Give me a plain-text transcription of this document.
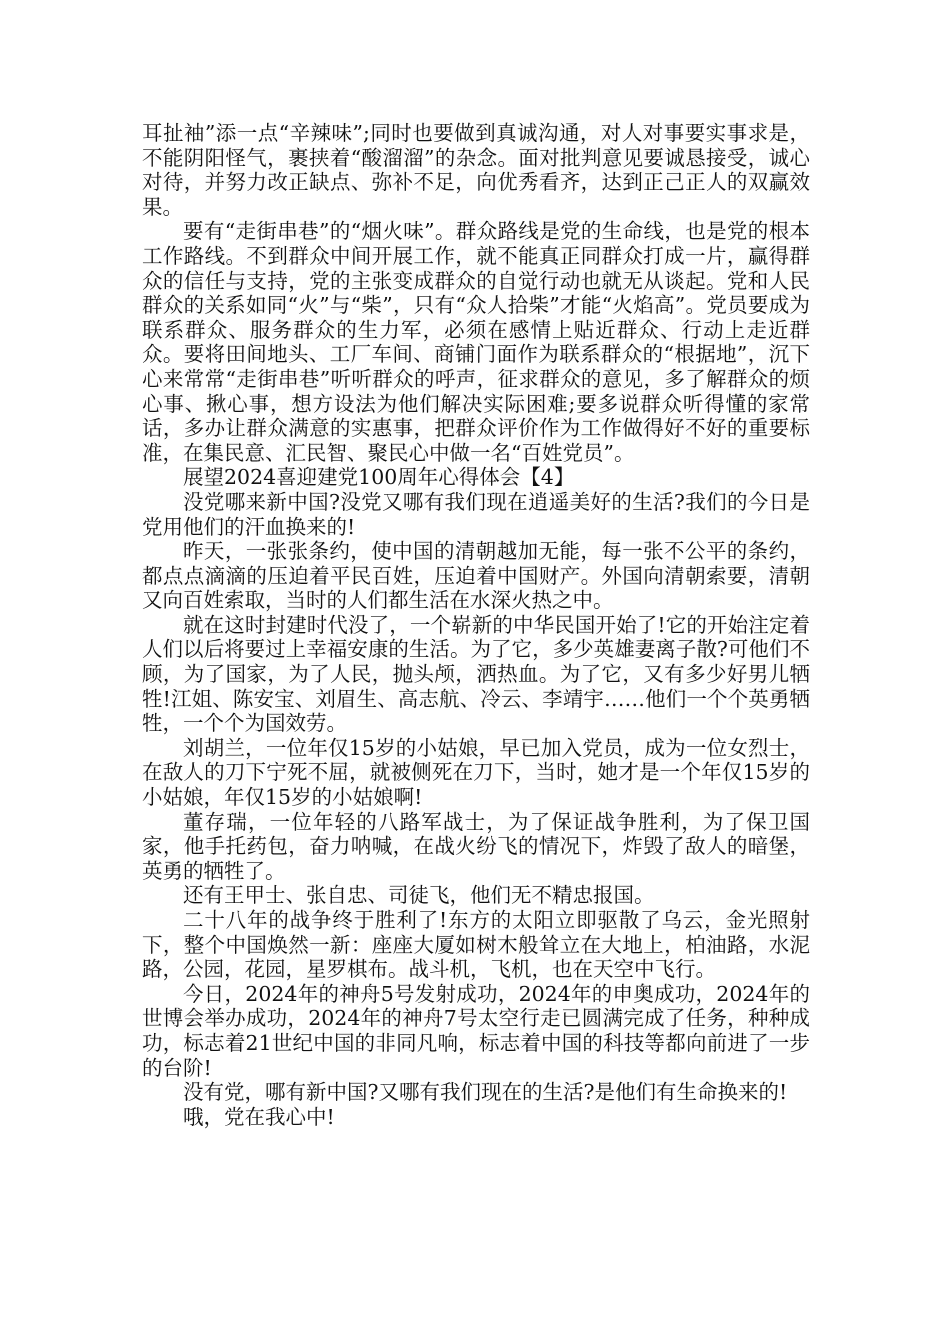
耳扯袖”添一点“辛辣味”;同时也要做到真诚沟通，对人对事要实事求是，不能阴阳怪气，裹挟着“酸溜溜”的杂念。面对批判意见要诚恳接受，诚心对待，并努力改正缺点、弥补不足，向优秀看齐，达到正己正人的双赢效果。

要有“走街串巷”的“烟火味”。群众路线是党的生命线，也是党的根本工作路线。不到群众中间开展工作，就不能真正同群众打成一片，赢得群众的信任与支持，党的主张变成群众的自觉行动也就无从谈起。党和人民群众的关系如同“火”与“柴”，只有“众人拾柴”才能“火焰高”。党员要成为联系群众、服务群众的生力军，必须在感情上贴近群众、行动上走近群众。要将田间地头、工厂车间、商铺门面作为联系群众的“根据地”，沉下心来常常“走街串巷”听听群众的呼声，征求群众的意见，多了解群众的烦心事、揪心事，想方设法为他们解决实际困难;要多说群众听得懂的家常话，多办让群众满意的实惠事，把群众评价作为工作做得好不好的重要标准，在集民意、汇民智、聚民心中做一名“百姓党员”。

展望2024喜迎建党100周年心得体会【4】

没党哪来新中国?没党又哪有我们现在逍遥美好的生活?我们的今日是党用他们的汗血换来的!

昨天，一张张条约，使中国的清朝越加无能，每一张不公平的条约，都点点滴滴的压迫着平民百姓，压迫着中国财产。外国向清朝索要，清朝又向百姓索取，当时的人们都生活在水深火热之中。

就在这时封建时代没了，一个崭新的中华民国开始了!它的开始注定着人们以后将要过上幸福安康的生活。为了它，多少英雄妻离子散?可他们不顾，为了国家，为了人民，抛头颅，洒热血。为了它，又有多少好男儿牺牲!江姐、陈安宝、刘眉生、高志航、冷云、李靖宇……他们一个个英勇牺牲，一个个为国效劳。

刘胡兰，一位年仅15岁的小姑娘，早已加入党员，成为一位女烈士，在敌人的刀下宁死不屈，就被侧死在刀下，当时，她才是一个年仅15岁的小姑娘，年仅15岁的小姑娘啊!

董存瑞，一位年轻的八路军战士，为了保证战争胜利，为了保卫国家，他手托药包，奋力呐喊，在战火纷飞的情况下，炸毁了敌人的暗堡，英勇的牺牲了。

还有王甲士、张自忠、司徒飞，他们无不精忠报国。

二十八年的战争终于胜利了!东方的太阳立即驱散了乌云，金光照射下，整个中国焕然一新：座座大厦如树木般耸立在大地上，柏油路，水泥路，公园，花园，星罗棋布。战斗机，飞机，也在天空中飞行。

今日，2024年的神舟5号发射成功，2024年的申奥成功，2024年的世博会举办成功，2024年的神舟7号太空行走已圆满完成了任务，种种成功，标志着21世纪中国的非同凡响，标志着中国的科技等都向前进了一步的台阶!

没有党，哪有新中国?又哪有我们现在的生活?是他们有生命换来的!

哦，党在我心中!
